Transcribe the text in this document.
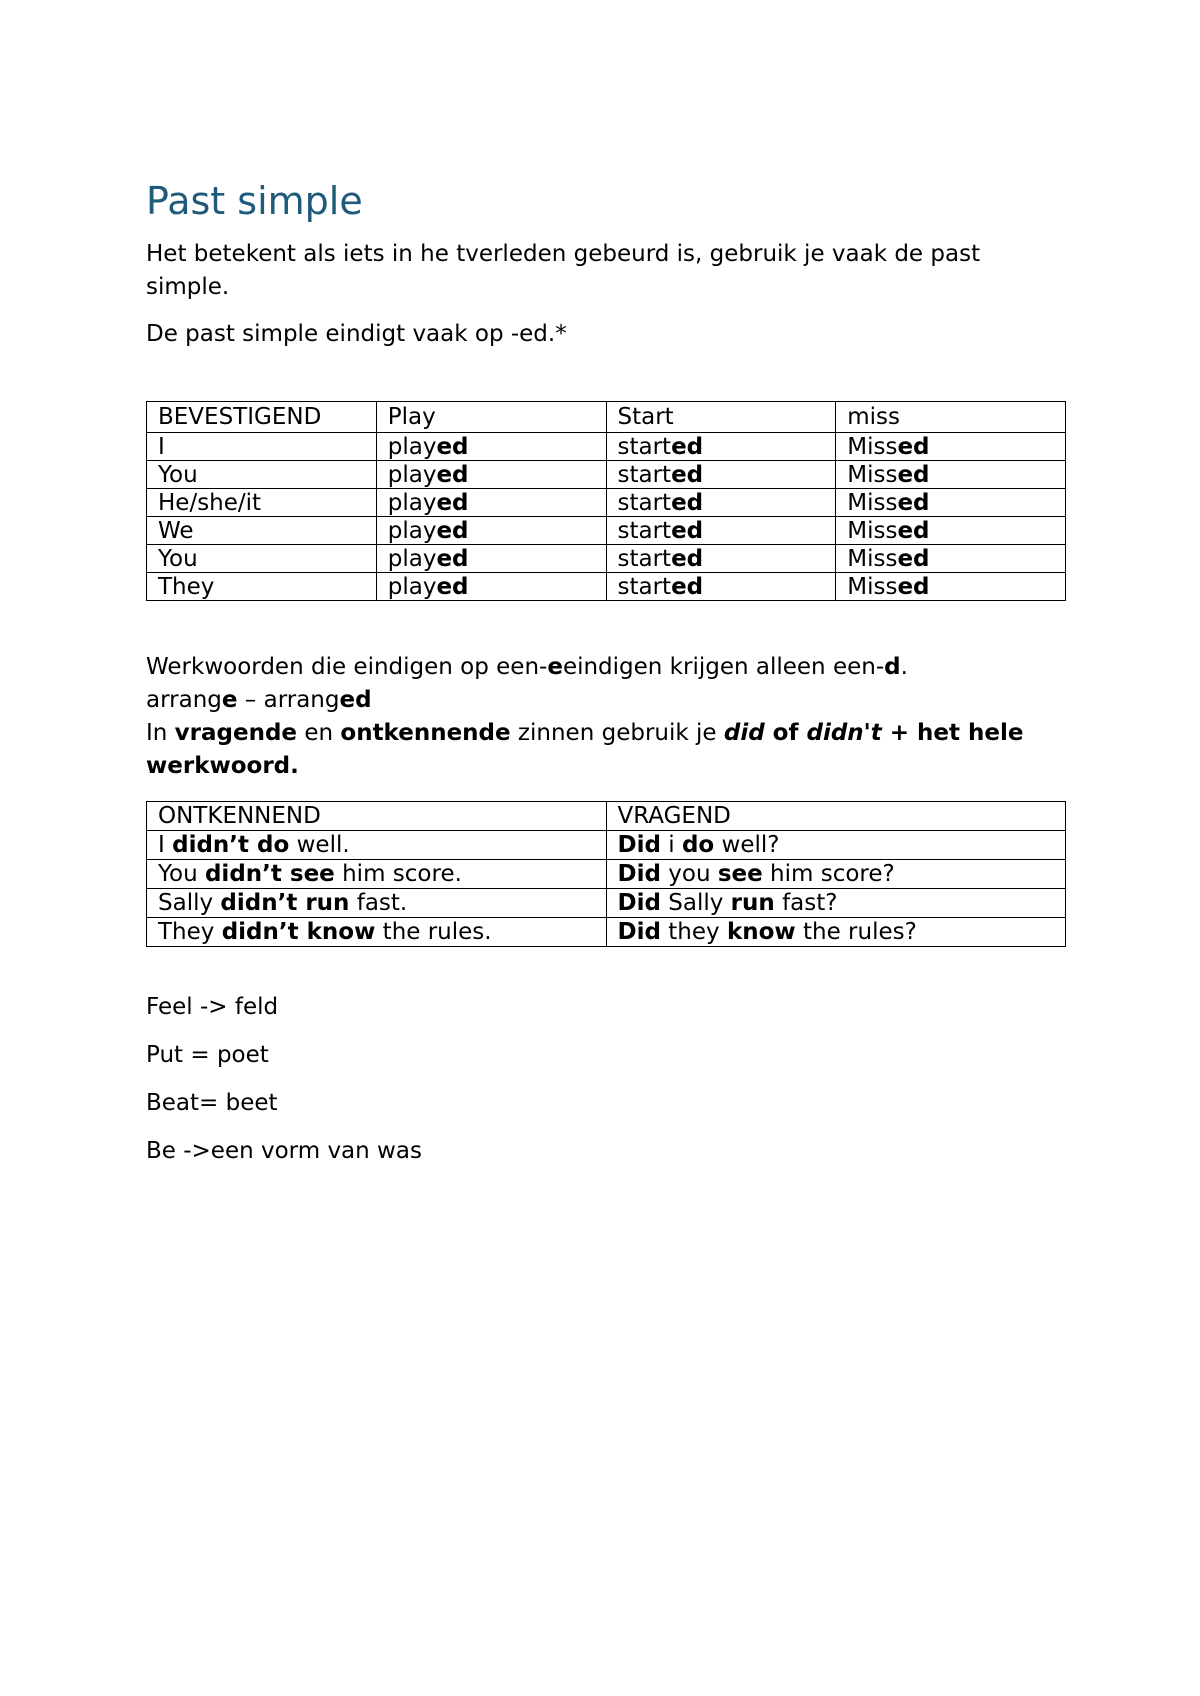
Past simple

Het betekent als iets in he tverleden gebeurd is, gebruik je vaak de past simple.

De past simple eindigt vaak op -ed.*

BEVESTIGEND	Play	Start	miss
I	played	started	Missed
You	played	started	Missed
He/she/it	played	started	Missed
We	played	started	Missed
You	played	started	Missed
They	played	started	Missed

Werkwoorden die eindigen op een-eeindigen krijgen alleen een-d.

arrange – arranged

In vragende en ontkennende zinnen gebruik je did of didn't + het hele werkwoord.

ONTKENNEND	VRAGEND
I didn’t do well.	Did i do well?
You didn’t see him score.	Did you see him score?
Sally didn’t run fast.	Did Sally run fast?
They didn’t know the rules.	Did they know the rules?

Feel -> feld

Put = poet

Beat= beet

Be ->een vorm van was
